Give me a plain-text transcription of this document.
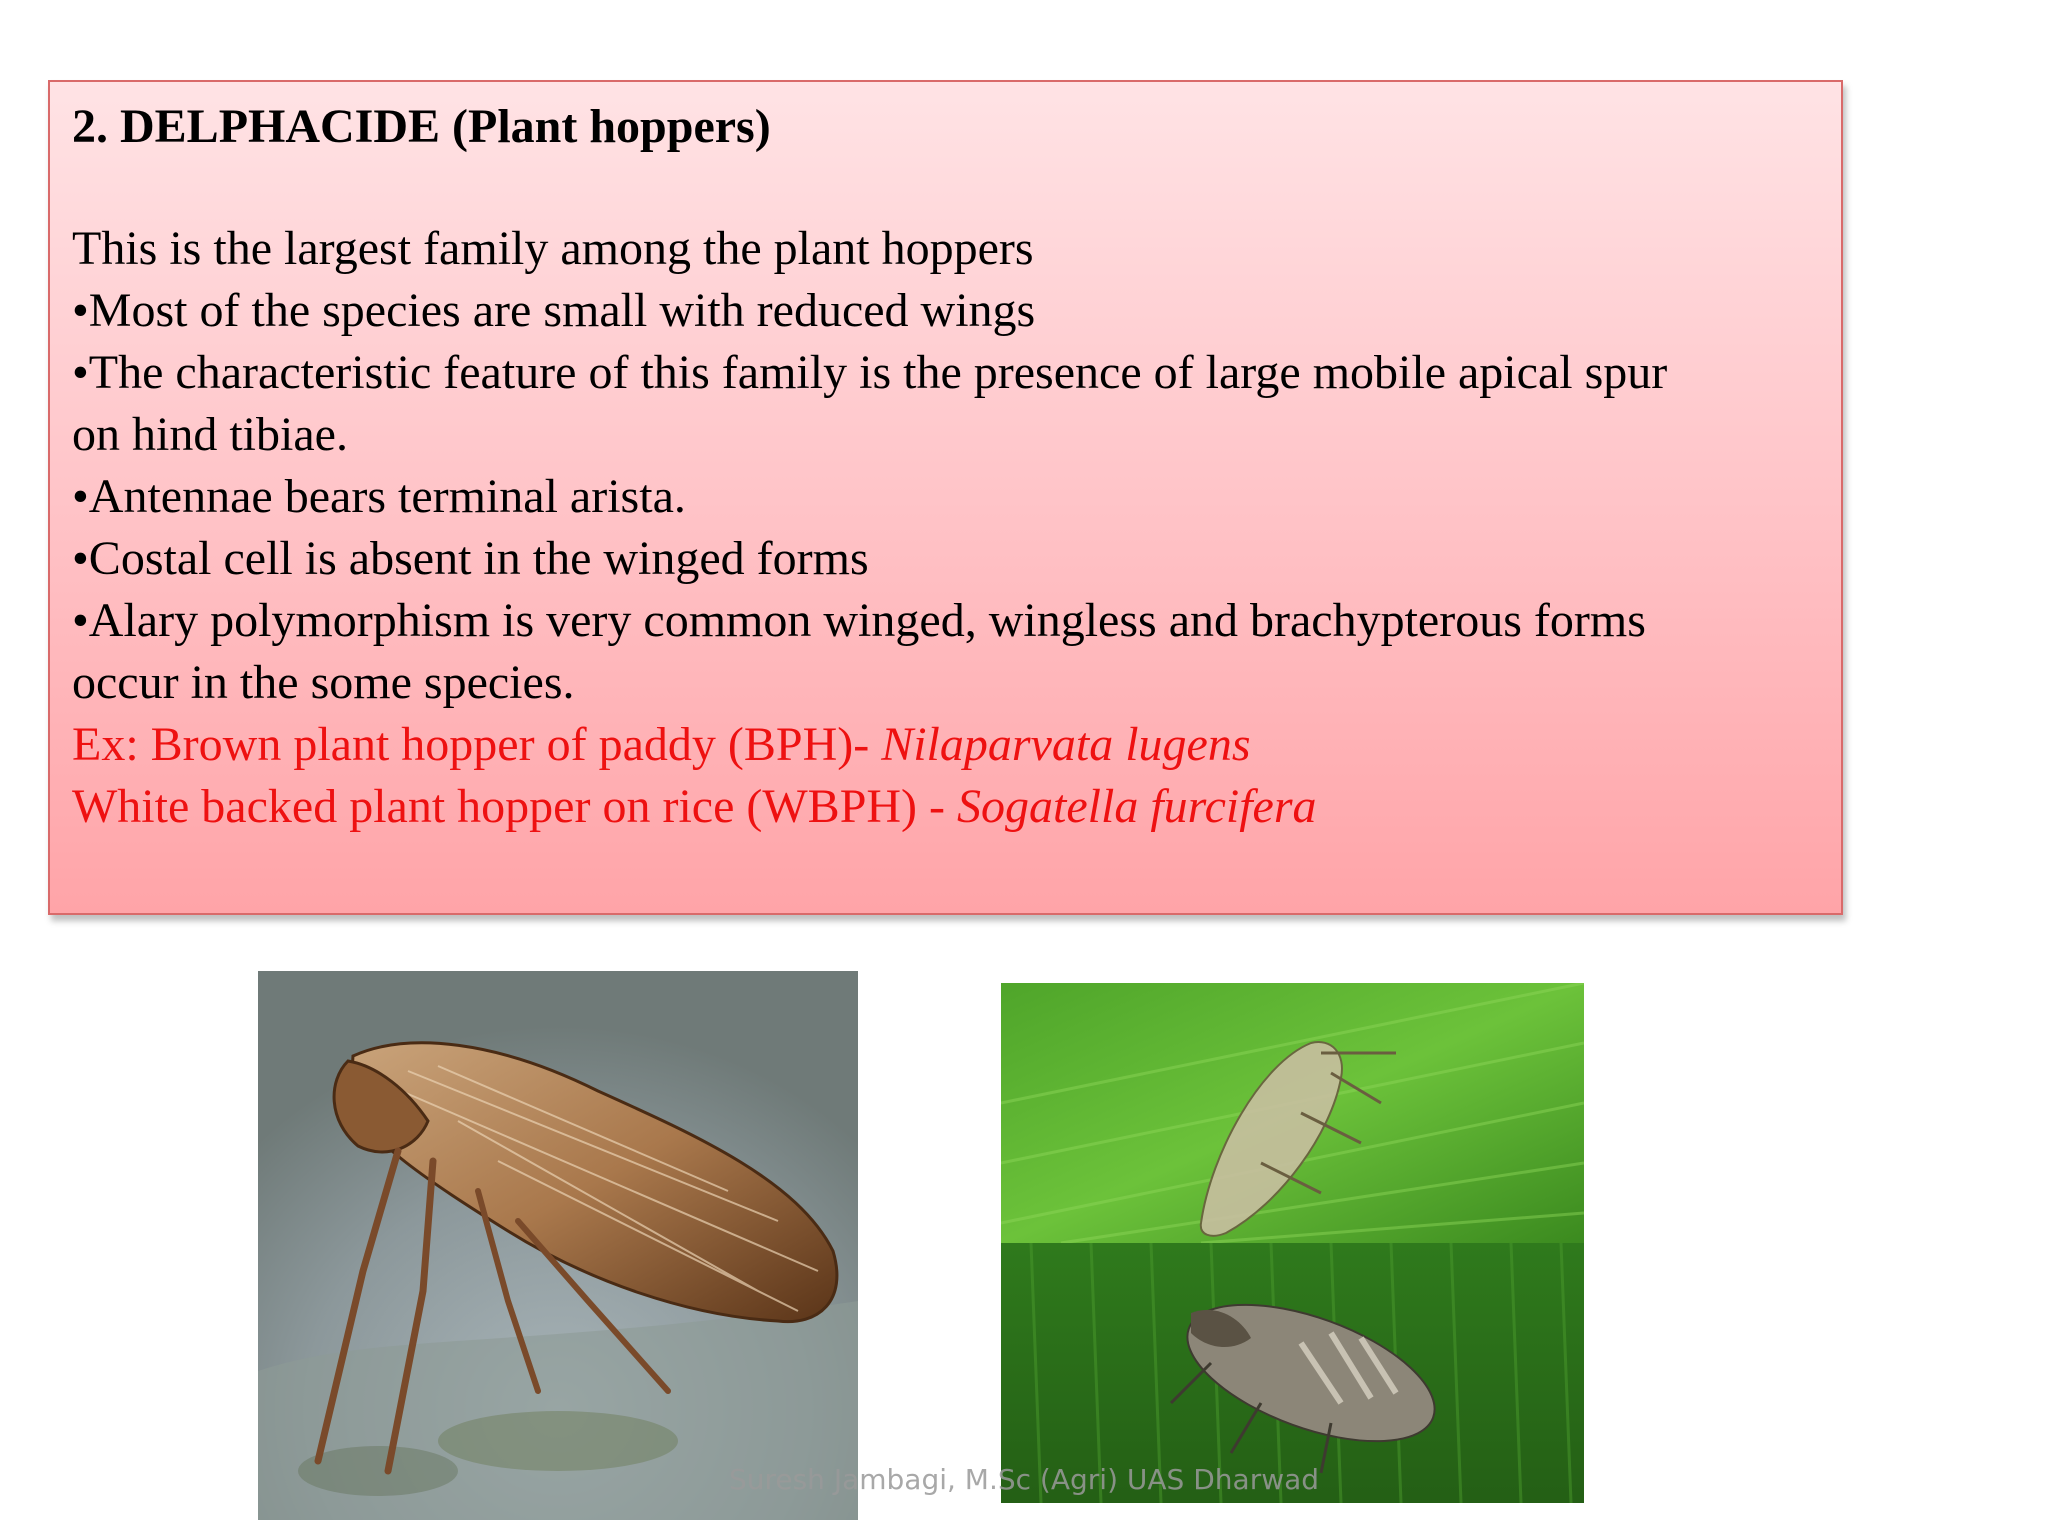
2. DELPHACIDE (Plant hoppers)
This is the largest family among the plant hoppers
•Most of the species are small with reduced wings
•The characteristic feature of this family is the presence of large mobile apical spur
on hind tibiae.
•Antennae bears terminal arista.
•Costal cell is absent in the winged forms
•Alary polymorphism is very common winged, wingless and brachypterous forms
occur in the some species.
Ex: Brown plant hopper of paddy (BPH)- Nilaparvata lugens
White backed plant hopper on rice (WBPH) - Sogatella furcifera
Suresh Jambagi, M.Sc (Agri) UAS Dharwad
